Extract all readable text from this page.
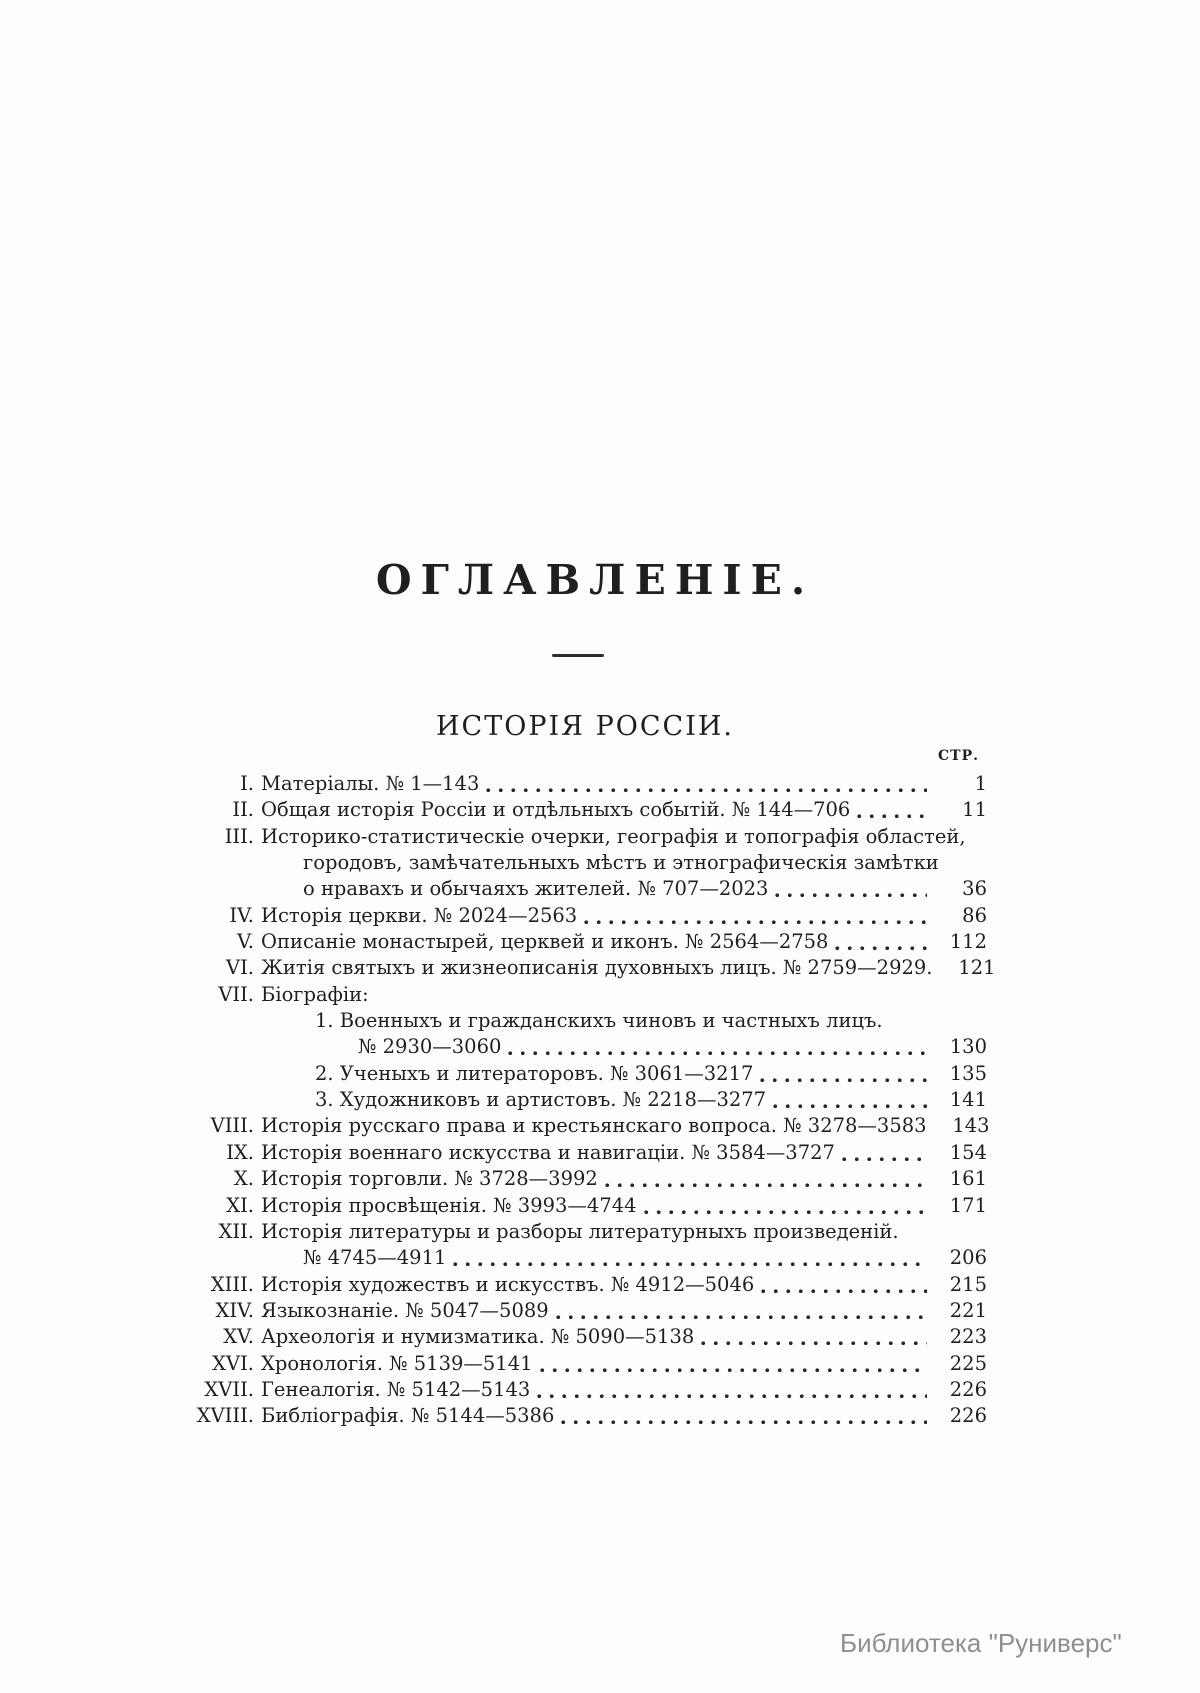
ОГЛАВЛЕНІЕ.
ИСТОРІЯ РОССІИ.
СТР.
I. Матеріалы. № 1—143	1
II. Общая исторія Россіи и отдѣльныхъ событій. № 144—706	11
III. Историко-статистическіе очерки, географія и топографія областей,
городовъ, замѣчательныхъ мѣстъ и этнографическія замѣтки
о нравахъ и обычаяхъ жителей. № 707—2023	36
IV. Исторія церкви. № 2024—2563	86
V. Описаніе монастырей, церквей и иконъ. № 2564—2758	112
VI. Житія святыхъ и жизнеописанія духовныхъ лицъ. № 2759—2929.	121
VII. Біографіи:
1. Военныхъ и гражданскихъ чиновъ и частныхъ лицъ.
№ 2930—3060	130
2. Ученыхъ и литераторовъ. № 3061—3217	135
3. Художниковъ и артистовъ. № 2218—3277	141
VIII. Исторія русскаго права и крестьянскаго вопроса. № 3278—3583	143
IX. Исторія военнаго искусства и навигаціи. № 3584—3727	154
X. Исторія торговли. № 3728—3992	161
XI. Исторія просвѣщенія. № 3993—4744	171
XII. Исторія литературы и разборы литературныхъ произведеній.
№ 4745—4911	206
XIII. Исторія художествъ и искусствъ. № 4912—5046	215
XIV. Языкознаніе. № 5047—5089	221
XV. Археологія и нумизматика. № 5090—5138	223
XVI. Хронологія. № 5139—5141	225
XVII. Генеалогія. № 5142—5143	226
XVIII. Библіографія. № 5144—5386	226
Библиотека "Руниверс"
